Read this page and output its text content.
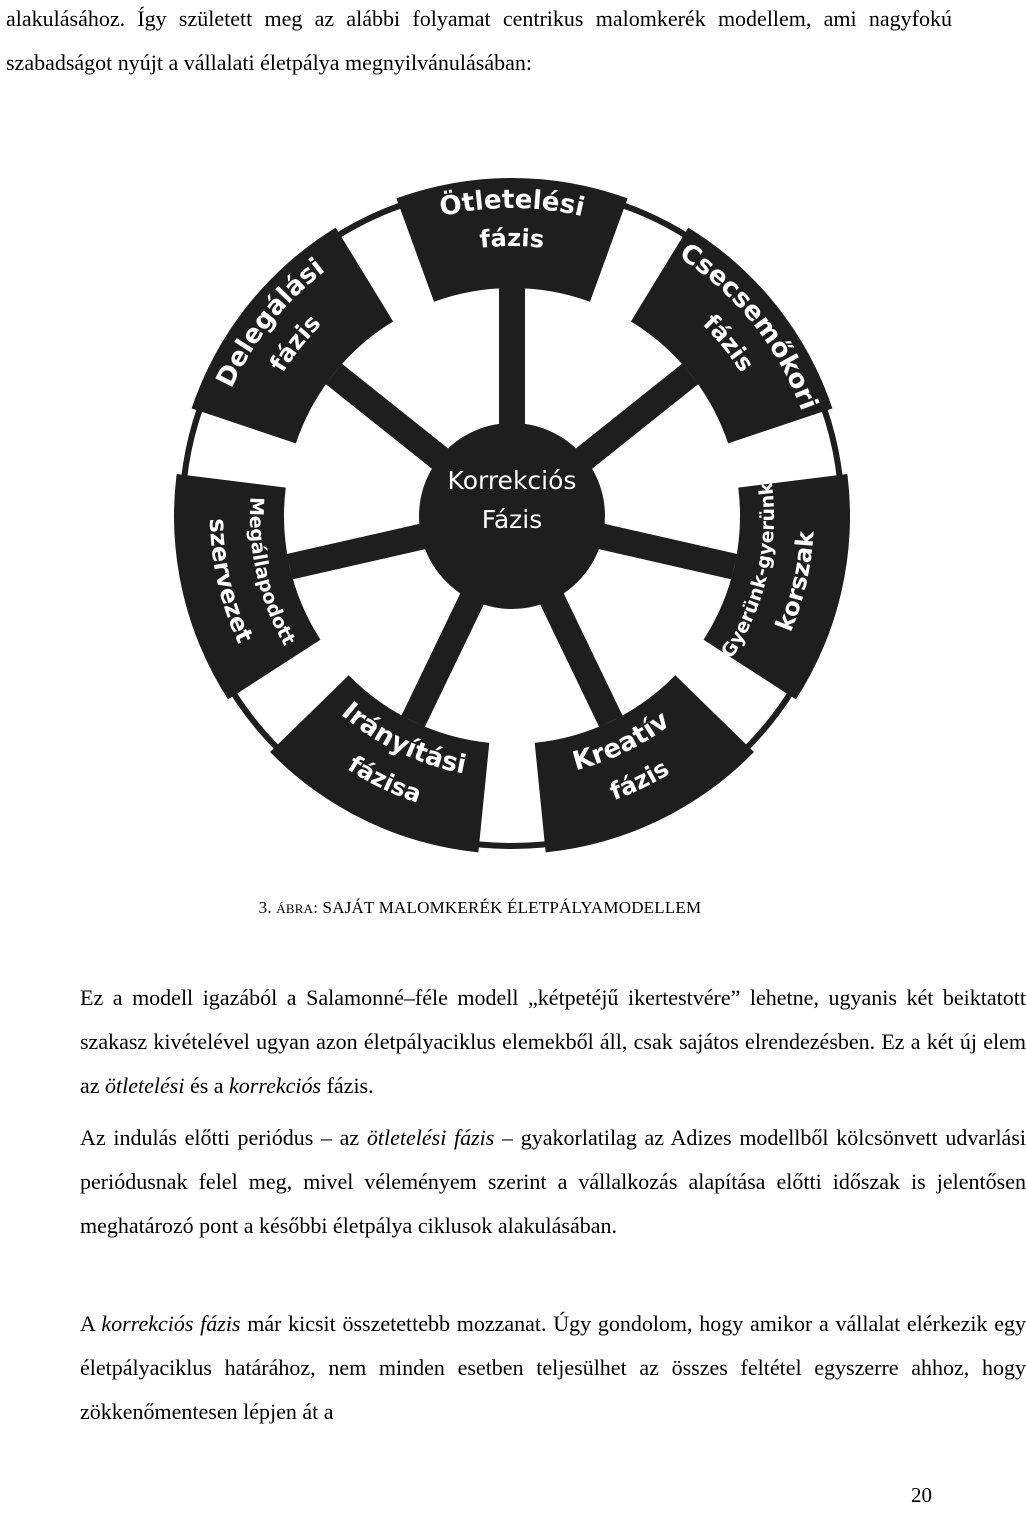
alakulásához. Így született meg az alábbi folyamat centrikus malomkerék modellem, ami nagyfokú szabadságot nyújt a vállalati életpálya megnyilvánulásában:

Ötletelési
fázis	Csecsemőkori
fázis
Gyerünk-gyerünk
korszak
Kreatív
fázis
Irányítási
fázisa
Megállapodott
szervezet
Delegálási
fázis
Korrekciós
Fázis
3. ÁBRA: SAJÁT MALOMKERÉK ÉLETPÁLYAMODELLEM

Ez a modell igazából a Salamonné–féle modell „kétpetéjű ikertestvére” lehetne, ugyanis két beiktatott szakasz kivételével ugyan azon életpályaciklus elemekből áll, csak sajátos elrendezésben. Ez a két új elem az ötletelési és a korrekciós fázis.

Az indulás előtti periódus – az ötletelési fázis – gyakorlatilag az Adizes modellből kölcsönvett udvarlási periódusnak felel meg, mivel véleményem szerint a vállalkozás alapítása előtti időszak is jelentősen meghatározó pont a későbbi életpálya ciklusok alakulásában.

A korrekciós fázis már kicsit összetettebb mozzanat. Úgy gondolom, hogy amikor a vállalat elérkezik egy életpályaciklus határához, nem minden esetben teljesülhet az összes feltétel egyszerre ahhoz, hogy zökkenőmentesen lépjen át a

20
